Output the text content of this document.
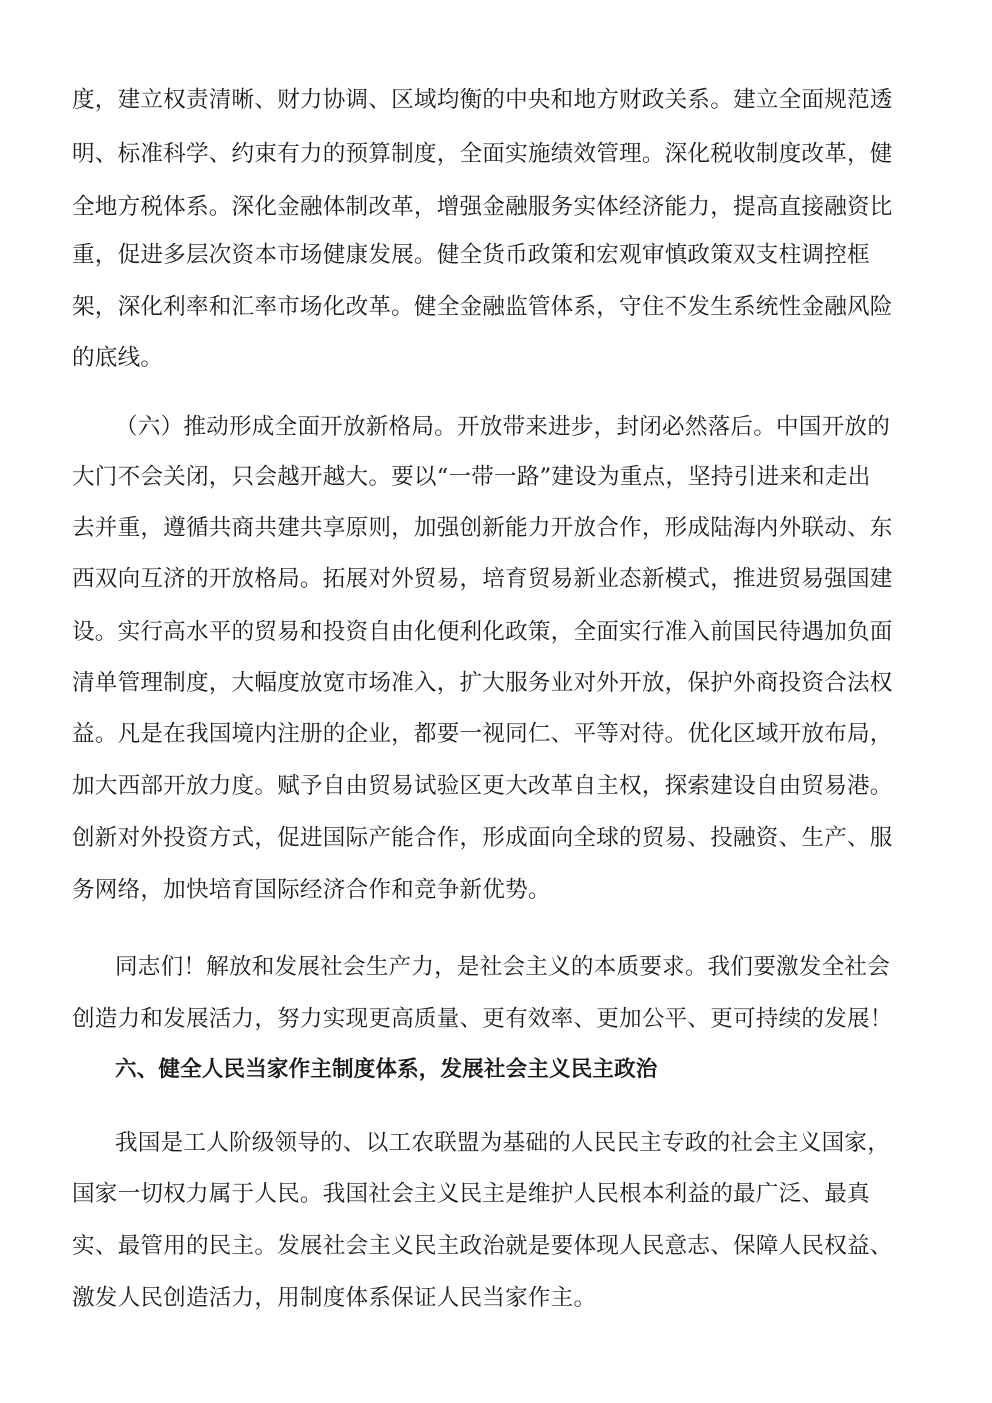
度，建立权责清晰、财力协调、区域均衡的中央和地方财政关系。建立全面规范透
明、标准科学、约束有力的预算制度，全面实施绩效管理。深化税收制度改革，健
全地方税体系。深化金融体制改革，增强金融服务实体经济能力，提高直接融资比
重，促进多层次资本市场健康发展。健全货币政策和宏观审慎政策双支柱调控框
架，深化利率和汇率市场化改革。健全金融监管体系，守住不发生系统性金融风险
的底线。
（六）推动形成全面开放新格局。开放带来进步，封闭必然落后。中国开放的
大门不会关闭，只会越开越大。要以“一带一路”建设为重点，坚持引进来和走出
去并重，遵循共商共建共享原则，加强创新能力开放合作，形成陆海内外联动、东
西双向互济的开放格局。拓展对外贸易，培育贸易新业态新模式，推进贸易强国建
设。实行高水平的贸易和投资自由化便利化政策，全面实行准入前国民待遇加负面
清单管理制度，大幅度放宽市场准入，扩大服务业对外开放，保护外商投资合法权
益。凡是在我国境内注册的企业，都要一视同仁、平等对待。优化区域开放布局，
加大西部开放力度。赋予自由贸易试验区更大改革自主权，探索建设自由贸易港。
创新对外投资方式，促进国际产能合作，形成面向全球的贸易、投融资、生产、服
务网络，加快培育国际经济合作和竞争新优势。
同志们！解放和发展社会生产力，是社会主义的本质要求。我们要激发全社会
创造力和发展活力，努力实现更高质量、更有效率、更加公平、更可持续的发展！
六、健全人民当家作主制度体系，发展社会主义民主政治
我国是工人阶级领导的、以工农联盟为基础的人民民主专政的社会主义国家，
国家一切权力属于人民。我国社会主义民主是维护人民根本利益的最广泛、最真
实、最管用的民主。发展社会主义民主政治就是要体现人民意志、保障人民权益、
激发人民创造活力，用制度体系保证人民当家作主。
